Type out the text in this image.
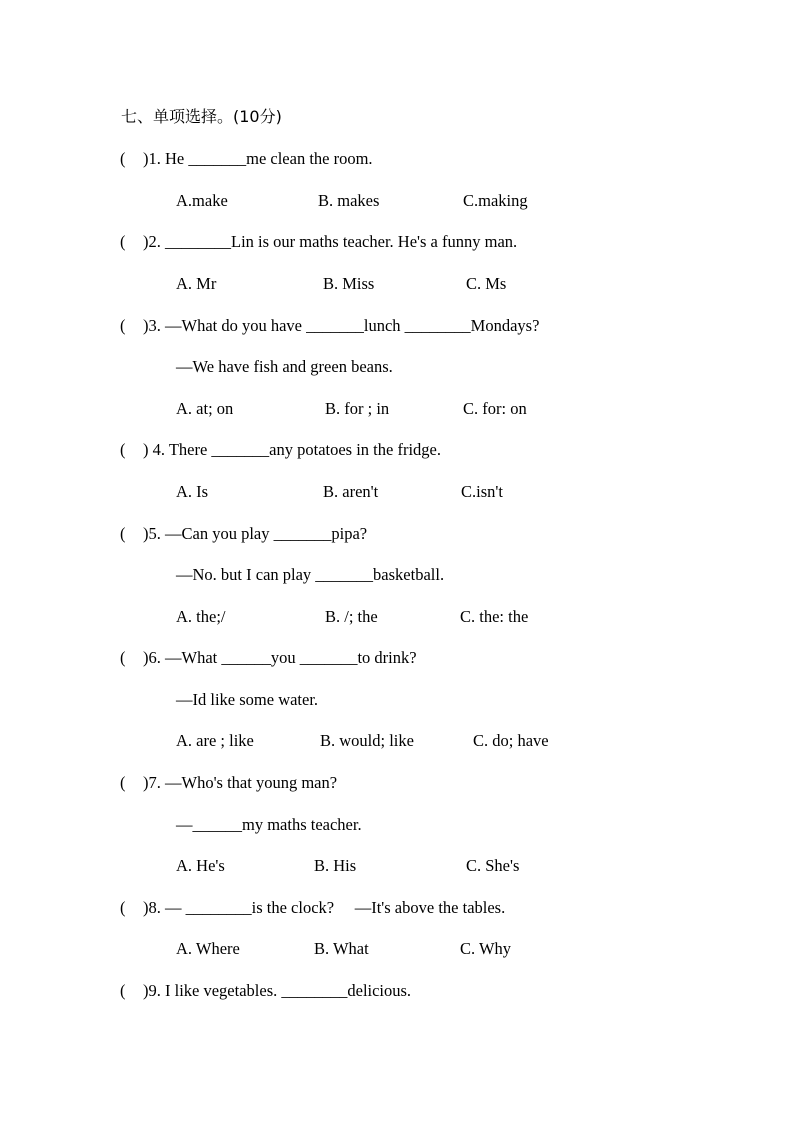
七、单项选择。(10分)
( )1. He _______me clean the room.
A.make	B. makes	C.making
( )2. ________Lin is our maths teacher. He's a funny man.
A. Mr	B. Miss	C. Ms
( )3. —What do you have _______lunch ________Mondays?
—We have fish and green beans.
A. at; on	B. for ; in	C. for: on
( ) 4. There _______any potatoes in the fridge.
A. Is	B. aren't	C.isn't
( )5. —Can you play _______pipa?
—No. but I can play _______basketball.
A. the;/	B. /; the	C. the: the
( )6. —What ______you _______to drink?
—Id like some water.
A. are ; like	B. would; like	C. do; have
( )7. —Who's that young man?
—______my maths teacher.
A. He's	B. His	C. She's
( )8. — ________is the clock?     —It's above the tables.
A. Where	B. What	C. Why
( )9. I like vegetables. ________delicious.
